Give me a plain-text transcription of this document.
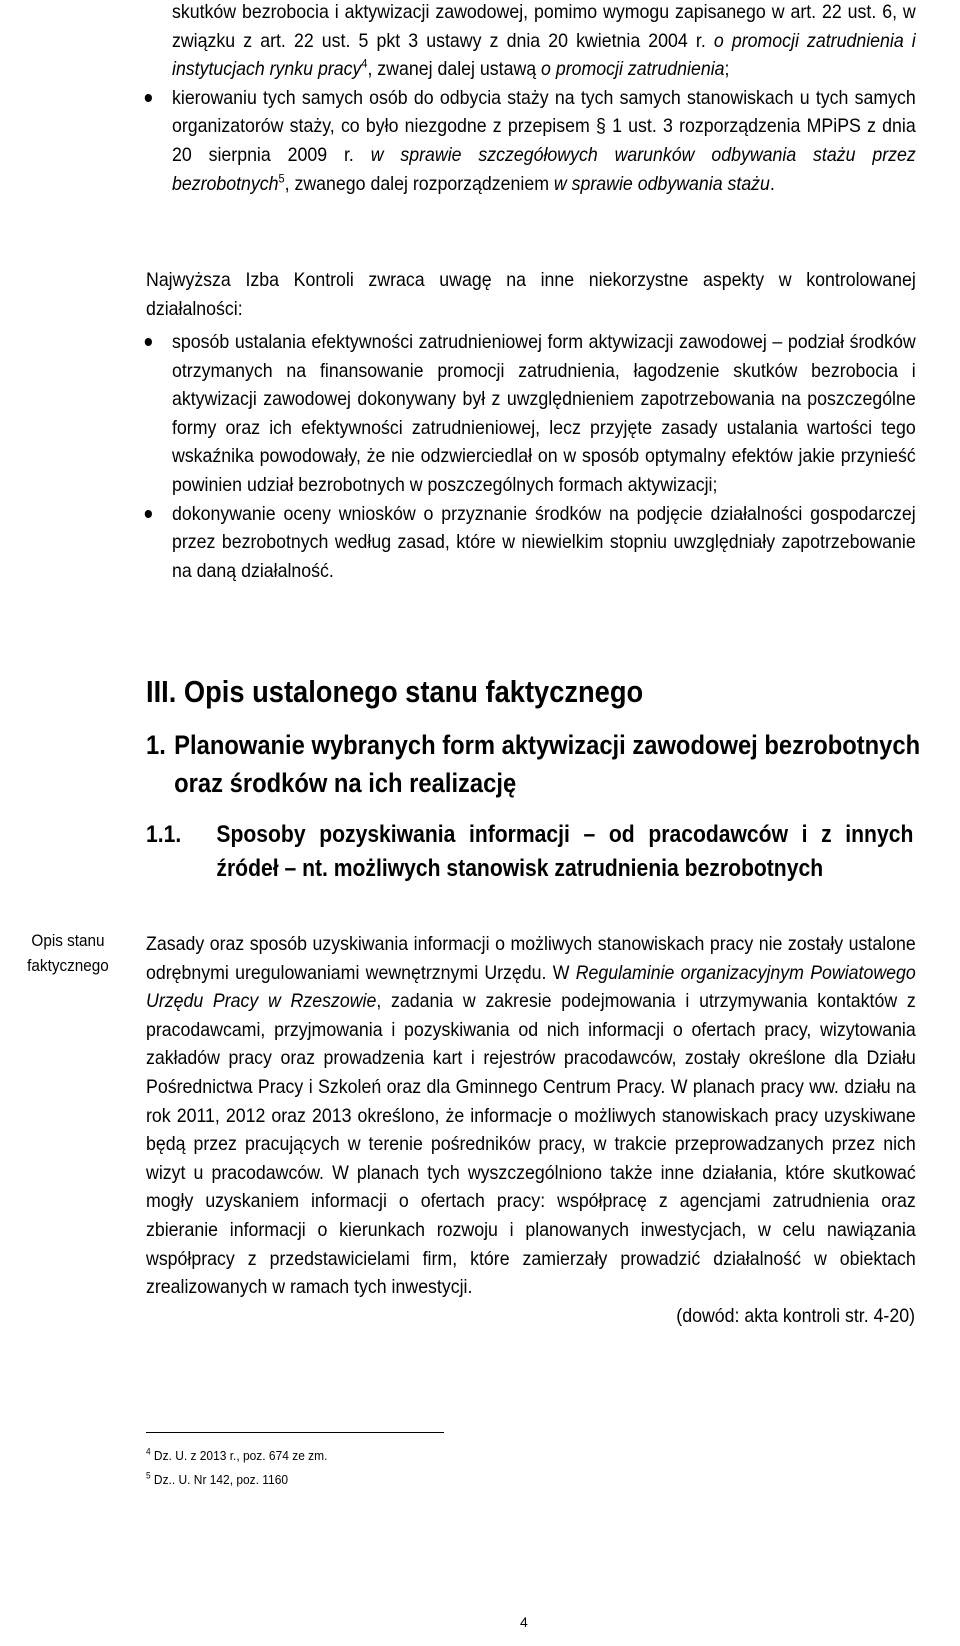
skutków bezrobocia i aktywizacji zawodowej, pomimo wymogu zapisanego w art. 22 ust. 6, w związku z art. 22 ust. 5 pkt 3 ustawy z dnia 20 kwietnia 2004 r. o promocji zatrudnienia i instytucjach rynku pracy$^4$, zwanej dalej ustawą o promocji zatrudnienia;

kierowaniu tych samych osób do odbycia staży na tych samych stanowiskach u tych samych organizatorów staży, co było niezgodne z przepisem § 1 ust. 3 rozporządzenia MPiPS z dnia 20 sierpnia 2009 r. w sprawie szczegółowych warunków odbywania stażu przez bezrobotnych$^5$, zwanego dalej rozporządzeniem w sprawie odbywania stażu.

Najwyższa Izba Kontroli zwraca uwagę na inne niekorzystne aspekty w kontrolowanej działalności:

sposób ustalania efektywności zatrudnieniowej form aktywizacji zawodowej – podział środków otrzymanych na finansowanie promocji zatrudnienia, łagodzenie skutków bezrobocia i aktywizacji zawodowej dokonywany był z uwzględnieniem zapotrzebowania na poszczególne formy oraz ich efektywności zatrudnieniowej, lecz przyjęte zasady ustalania wartości tego wskaźnika powodowały, że nie odzwierciedlał on w sposób optymalny efektów jakie przynieść powinien udział bezrobotnych w poszczególnych formach aktywizacji;

dokonywanie oceny wniosków o przyznanie środków na podjęcie działalności gospodarczej przez bezrobotnych według zasad, które w niewielkim stopniu uwzględniały zapotrzebowanie na daną działalność.

III. Opis ustalonego stanu faktycznego
1. Planowanie wybranych form aktywizacji zawodowej bezrobotnych oraz środków na ich realizację
1.1. Sposoby pozyskiwania informacji – od pracodawców i z innych źródeł – nt. możliwych stanowisk zatrudnienia bezrobotnych
Opis stanu faktycznego

Zasady oraz sposób uzyskiwania informacji o możliwych stanowiskach pracy nie zostały ustalone odrębnymi uregulowaniami wewnętrznymi Urzędu. W Regulaminie organizacyjnym Powiatowego Urzędu Pracy w Rzeszowie, zadania w zakresie podejmowania i utrzymywania kontaktów z pracodawcami, przyjmowania i pozyskiwania od nich informacji o ofertach pracy, wizytowania zakładów pracy oraz prowadzenia kart i rejestrów pracodawców, zostały określone dla Działu Pośrednictwa Pracy i Szkoleń oraz dla Gminnego Centrum Pracy. W planach pracy ww. działu na rok 2011, 2012 oraz 2013 określono, że informacje o możliwych stanowiskach pracy uzyskiwane będą przez pracujących w terenie pośredników pracy, w trakcie przeprowadzanych przez nich wizyt u pracodawców. W planach tych wyszczególniono także inne działania, które skutkować mogły uzyskaniem informacji o ofertach pracy: współpracę z agencjami zatrudnienia oraz zbieranie informacji o kierunkach rozwoju i planowanych inwestycjach, w celu nawiązania współpracy z przedstawicielami firm, które zamierzały prowadzić działalność w obiektach zrealizowanych w ramach tych inwestycji.

(dowód: akta kontroli str. 4-20)

$^4$ Dz. U. z 2013 r., poz. 674 ze zm.
$^5$ Dz.. U. Nr 142, poz. 1160
4
